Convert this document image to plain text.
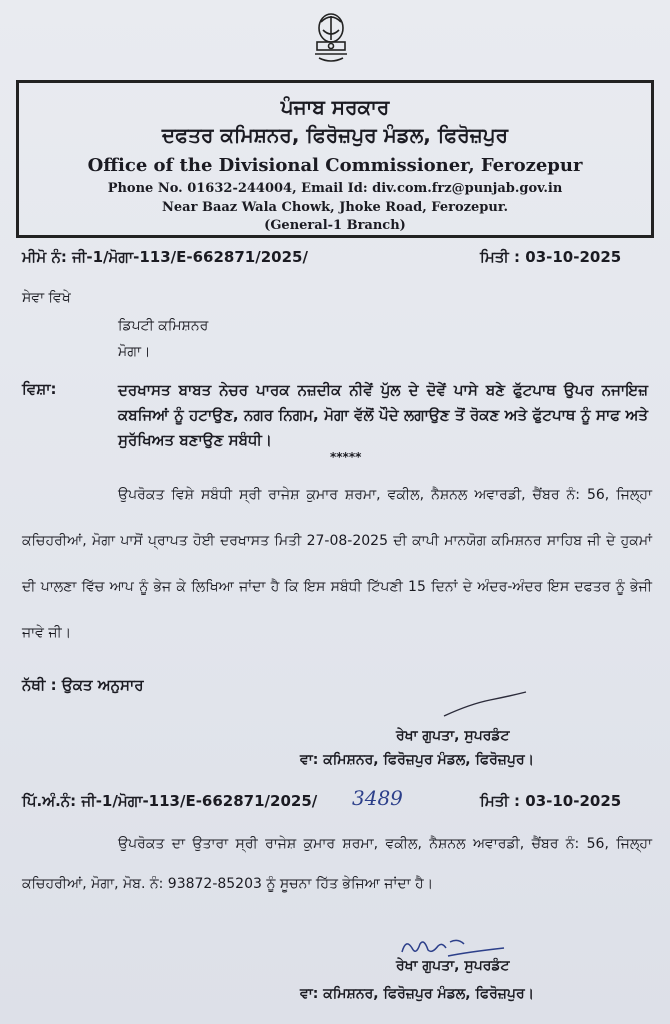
ਪੰਜਾਬ ਸਰਕਾਰ
ਦਫਤਰ ਕਮਿਸ਼ਨਰ, ਫਿਰੋਜ਼ਪੁਰ ਮੰਡਲ, ਫਿਰੋਜ਼ਪੁਰ
Office of the Divisional Commissioner, Ferozepur
Phone No. 01632-244004, Email Id: div.com.frz@punjab.gov.in
Near Baaz Wala Chowk, Jhoke Road, Ferozepur.
(General-1 Branch)
ਮੀਮੋ ਨੰ: ਜੀ-1/ਮੋਗਾ-113/E-662871/2025/	ਮਿਤੀ : 03-10-2025
ਸੇਵਾ ਵਿਖੇ
ਡਿਪਟੀ ਕਮਿਸ਼ਨਰ
ਮੋਗਾ।
ਵਿਸ਼ਾ:	ਦਰਖਾਸਤ ਬਾਬਤ ਨੇਚਰ ਪਾਰਕ ਨਜ਼ਦੀਕ ਨੀਵੇਂ ਪੁੱਲ ਦੇ ਦੋਵੇਂ ਪਾਸੇ ਬਣੇ ਫੁੱਟਪਾਥ ਉਪਰ ਨਜਾਇਜ਼ ਕਬਜਿਆਂ ਨੂੰ ਹਟਾਉਣ, ਨਗਰ ਨਿਗਮ, ਮੋਗਾ ਵੱਲੋਂ ਪੌਦੇ ਲਗਾਉਣ ਤੋਂ ਰੋਕਣ ਅਤੇ ਫੁੱਟਪਾਥ ਨੂੰ ਸਾਫ ਅਤੇ ਸੁਰੱਖਿਅਤ ਬਣਾਉਣ ਸਬੰਧੀ।
*****
ਉਪਰੋਕਤ ਵਿਸ਼ੇ ਸਬੰਧੀ ਸ੍ਰੀ ਰਾਜੇਸ਼ ਕੁਮਾਰ ਸ਼ਰਮਾ, ਵਕੀਲ, ਨੈਸ਼ਨਲ ਅਵਾਰਡੀ, ਚੈਂਬਰ ਨੰ: 56, ਜਿਲ੍ਹਾ ਕਚਿਹਰੀਆਂ, ਮੋਗਾ ਪਾਸੋਂ ਪ੍ਰਾਪਤ ਹੋਈ ਦਰਖਾਸਤ ਮਿਤੀ 27-08-2025 ਦੀ ਕਾਪੀ ਮਾਨਯੋਗ ਕਮਿਸ਼ਨਰ ਸਾਹਿਬ ਜੀ ਦੇ ਹੁਕਮਾਂ ਦੀ ਪਾਲਣਾ ਵਿੱਚ ਆਪ ਨੂੰ ਭੇਜ ਕੇ ਲਿਖਿਆ ਜਾਂਦਾ ਹੈ ਕਿ ਇਸ ਸਬੰਧੀ ਟਿੱਪਣੀ 15 ਦਿਨਾਂ ਦੇ ਅੰਦਰ-ਅੰਦਰ ਇਸ ਦਫਤਰ ਨੂੰ ਭੇਜੀ ਜਾਵੇ ਜੀ।
ਨੱਥੀ : ਉਕਤ ਅਨੁਸਾਰ
ਰੇਖਾ ਗੁਪਤਾ, ਸੁਪਰਡੰਟ
ਵਾ: ਕਮਿਸ਼ਨਰ, ਫਿਰੋਜ਼ਪੁਰ ਮੰਡਲ, ਫਿਰੋਜ਼ਪੁਰ।
ਪਿੱ.ਅੰ.ਨੰ: ਜੀ-1/ਮੋਗਾ-113/E-662871/2025/ 3489	ਮਿਤੀ : 03-10-2025
ਉਪਰੋਕਤ ਦਾ ਉਤਾਰਾ ਸ੍ਰੀ ਰਾਜੇਸ਼ ਕੁਮਾਰ ਸ਼ਰਮਾ, ਵਕੀਲ, ਨੈਸ਼ਨਲ ਅਵਾਰਡੀ, ਚੈਂਬਰ ਨੰ: 56, ਜਿਲ੍ਹਾ ਕਚਿਹਰੀਆਂ, ਮੋਗਾ, ਮੋਬ. ਨੰ: 93872-85203 ਨੂੰ ਸੂਚਨਾ ਹਿੱਤ ਭੇਜਿਆ ਜਾਂਦਾ ਹੈ।
ਰੇਖਾ ਗੁਪਤਾ, ਸੁਪਰਡੰਟ
ਵਾ: ਕਮਿਸ਼ਨਰ, ਫਿਰੋਜ਼ਪੁਰ ਮੰਡਲ, ਫਿਰੋਜ਼ਪੁਰ।
